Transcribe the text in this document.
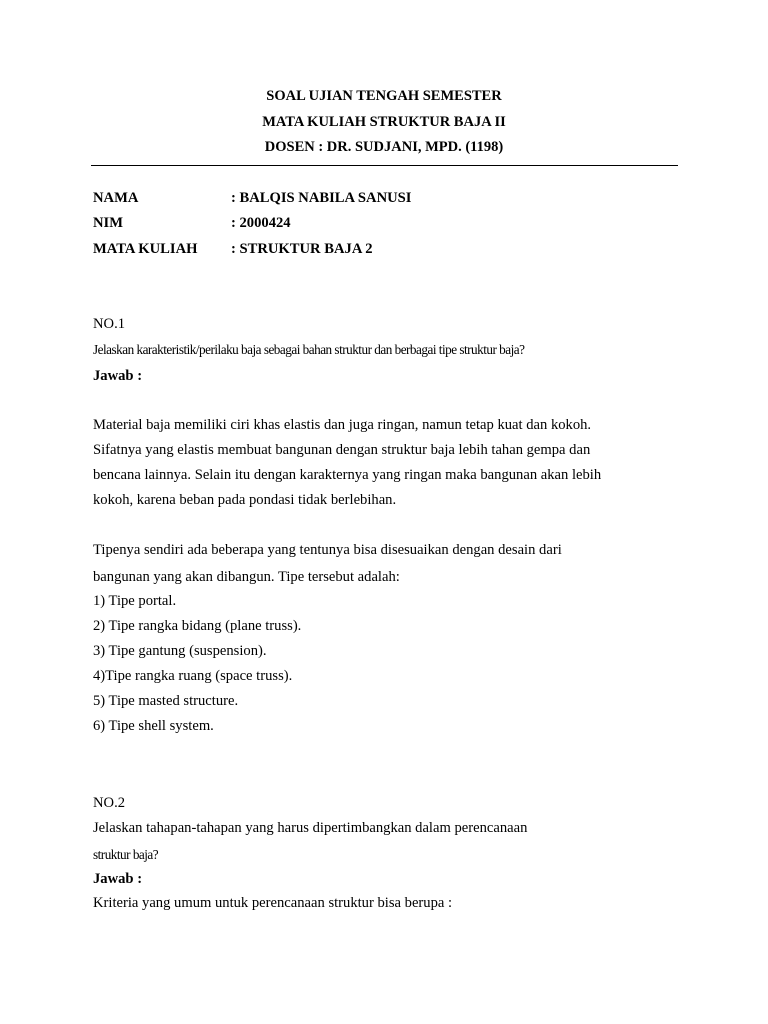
SOAL UJIAN TENGAH SEMESTER
MATA KULIAH STRUKTUR BAJA II
DOSEN : DR. SUDJANI, MPD. (1198)
NAMA	: BALQIS NABILA SANUSI
NIM	: 2000424
MATA KULIAH : STRUKTUR BAJA 2
NO.1
Jelaskan karakteristik/perilaku baja sebagai bahan struktur dan berbagai tipe struktur baja?
Jawab :
Material baja memiliki ciri khas elastis dan juga ringan, namun tetap kuat dan kokoh.
Sifatnya yang elastis membuat bangunan dengan struktur baja lebih tahan gempa dan
bencana lainnya. Selain itu dengan karakternya yang ringan maka bangunan akan lebih
kokoh, karena beban pada pondasi tidak berlebihan.
Tipenya sendiri ada beberapa yang tentunya bisa disesuaikan dengan desain dari
bangunan yang akan dibangun. Tipe tersebut adalah:
1) Tipe portal.
2) Tipe rangka bidang (plane truss).
3) Tipe gantung (suspension).
4)Tipe rangka ruang (space truss).
5) Tipe masted structure.
6) Tipe shell system.
NO.2
Jelaskan tahapan-tahapan yang harus dipertimbangkan dalam perencanaan
struktur baja?
Jawab :
Kriteria yang umum untuk perencanaan struktur bisa berupa :
